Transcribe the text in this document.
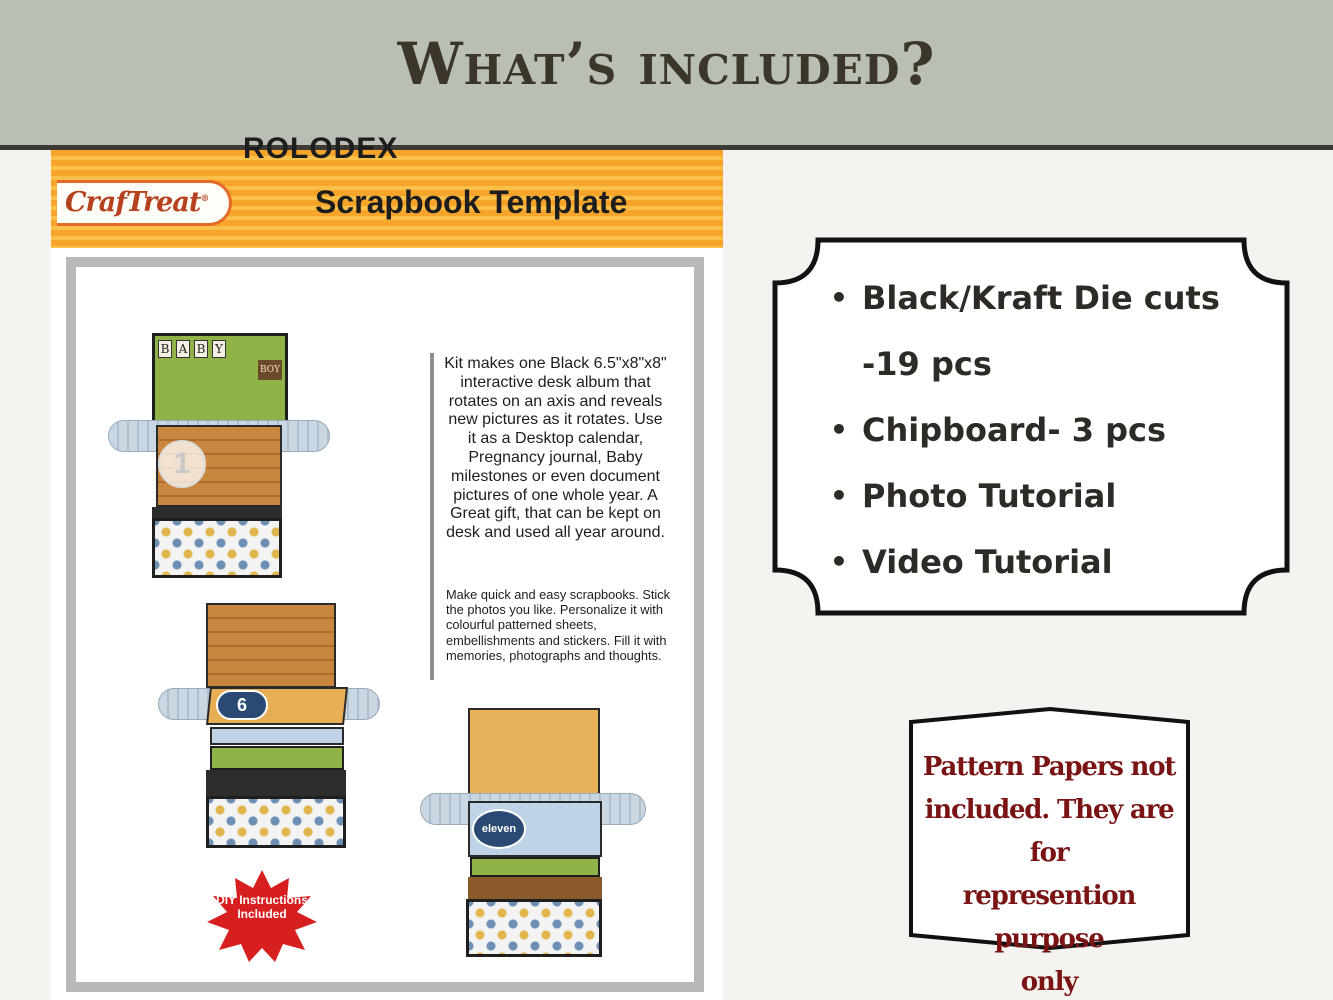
What’s included?
CrafTreat®	Scrapbook Template
ROLODEX
Kit makes one Black 6.5"x8"x8" interactive desk album that rotates on an axis and reveals new pictures as it rotates. Use it as a Desktop calendar, Pregnancy journal, Baby milestones or even document pictures of one whole year. A Great gift, that can be kept on desk and used all year around.
Make quick and easy scrapbooks. Stick the photos you like. Personalize it with colourful patterned sheets, embellishments and stickers. Fill it with memories, photographs and thoughts.
B A B Y
BOY
1
6
eleven
DIY Instructions Included
• Black/Kraft Die cuts
-19 pcs
• Chipboard- 3 pcs
• Photo Tutorial
• Video Tutorial
Pattern Papers not
included. They are for
represention purpose
only
